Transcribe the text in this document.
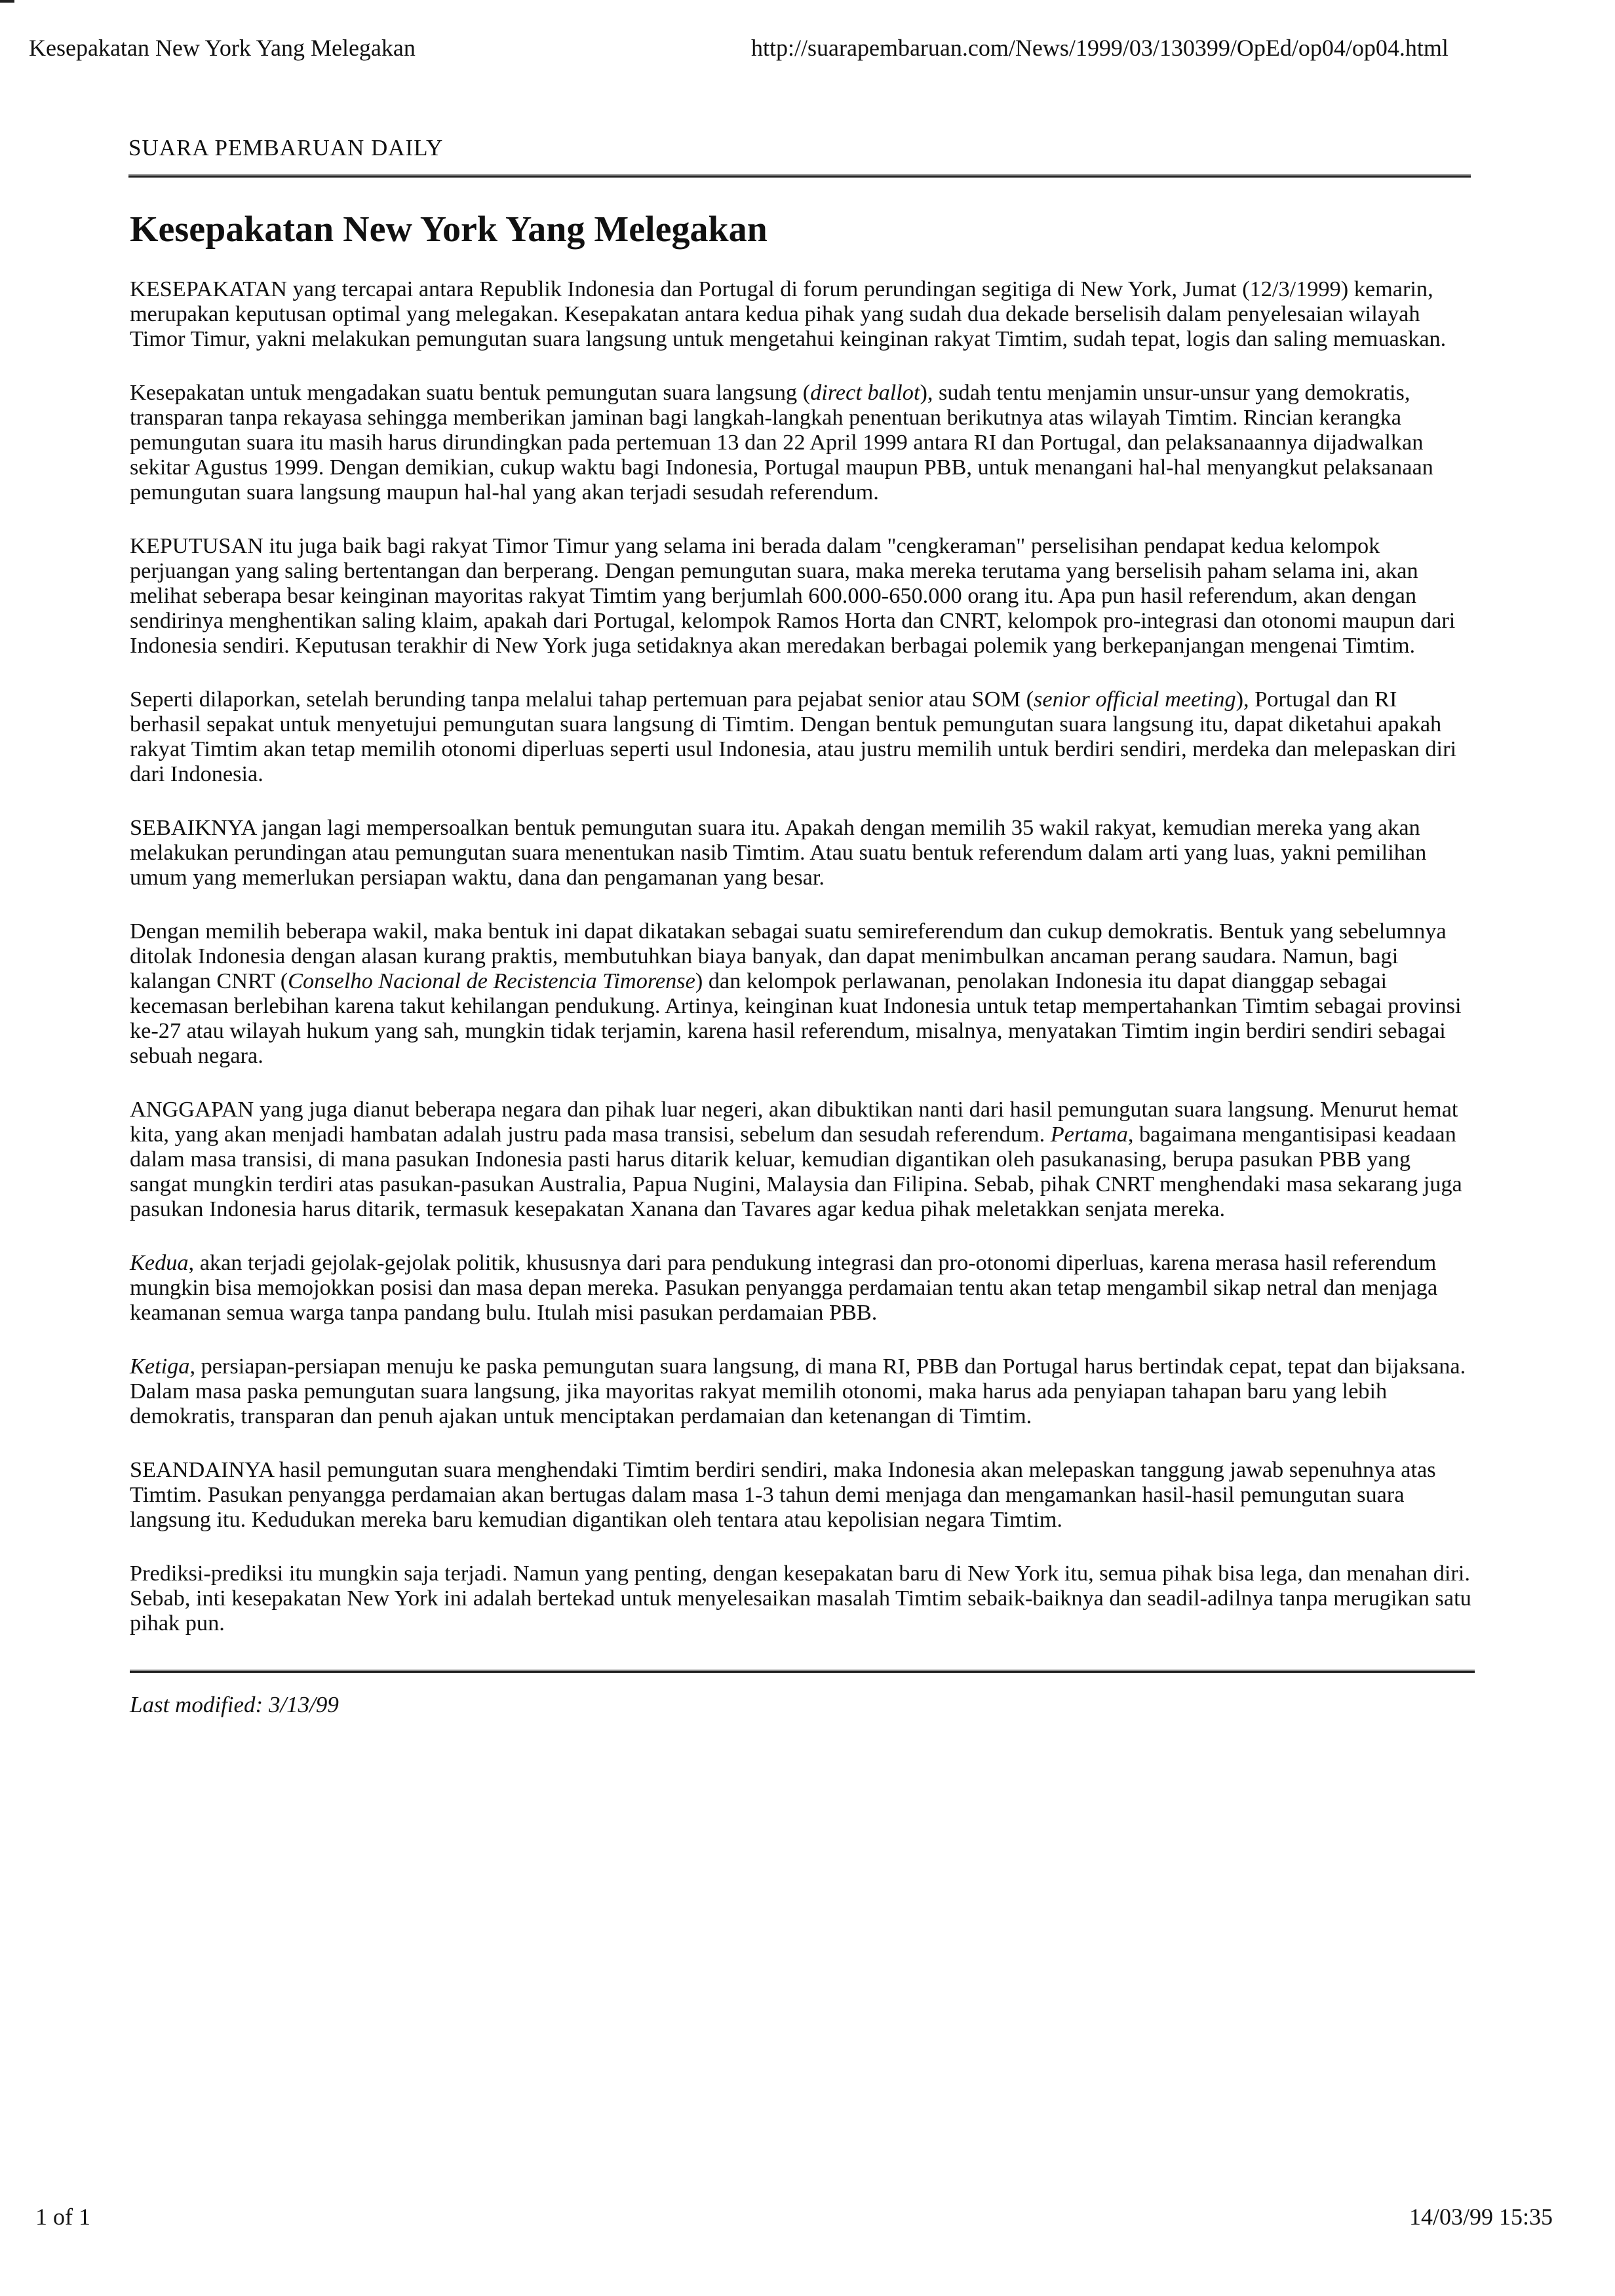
Kesepakatan New York Yang Melegakan	http://suarapembaruan.com/News/1999/03/130399/OpEd/op04/op04.html
SUARA PEMBARUAN DAILY
Kesepakatan New York Yang Melegakan

KESEPAKATAN yang tercapai antara Republik Indonesia dan Portugal di forum perundingan segitiga di New York, Jumat (12/3/1999) kemarin, merupakan keputusan optimal yang melegakan. Kesepakatan antara kedua pihak yang sudah dua dekade berselisih dalam penyelesaian wilayah Timor Timur, yakni melakukan pemungutan suara langsung untuk mengetahui keinginan rakyat Timtim, sudah tepat, logis dan saling memuaskan.

Kesepakatan untuk mengadakan suatu bentuk pemungutan suara langsung (direct ballot), sudah tentu menjamin unsur-unsur yang demokratis, transparan tanpa rekayasa sehingga memberikan jaminan bagi langkah-langkah penentuan berikutnya atas wilayah Timtim. Rincian kerangka pemungutan suara itu masih harus dirundingkan pada pertemuan 13 dan 22 April 1999 antara RI dan Portugal, dan pelaksanaannya dijadwalkan sekitar Agustus 1999. Dengan demikian, cukup waktu bagi Indonesia, Portugal maupun PBB, untuk menangani hal-hal menyangkut pelaksanaan pemungutan suara langsung maupun hal-hal yang akan terjadi sesudah referendum.

KEPUTUSAN itu juga baik bagi rakyat Timor Timur yang selama ini berada dalam "cengkeraman" perselisihan pendapat kedua kelompok perjuangan yang saling bertentangan dan berperang. Dengan pemungutan suara, maka mereka terutama yang berselisih paham selama ini, akan melihat seberapa besar keinginan mayoritas rakyat Timtim yang berjumlah 600.000-650.000 orang itu. Apa pun hasil referendum, akan dengan sendirinya menghentikan saling klaim, apakah dari Portugal, kelompok Ramos Horta dan CNRT, kelompok pro-integrasi dan otonomi maupun dari Indonesia sendiri. Keputusan terakhir di New York juga setidaknya akan meredakan berbagai polemik yang berkepanjangan mengenai Timtim.

Seperti dilaporkan, setelah berunding tanpa melalui tahap pertemuan para pejabat senior atau SOM (senior official meeting), Portugal dan RI berhasil sepakat untuk menyetujui pemungutan suara langsung di Timtim. Dengan bentuk pemungutan suara langsung itu, dapat diketahui apakah rakyat Timtim akan tetap memilih otonomi diperluas seperti usul Indonesia, atau justru memilih untuk berdiri sendiri, merdeka dan melepaskan diri dari Indonesia.

SEBAIKNYA jangan lagi mempersoalkan bentuk pemungutan suara itu. Apakah dengan memilih 35 wakil rakyat, kemudian mereka yang akan melakukan perundingan atau pemungutan suara menentukan nasib Timtim. Atau suatu bentuk referendum dalam arti yang luas, yakni pemilihan umum yang memerlukan persiapan waktu, dana dan pengamanan yang besar.

Dengan memilih beberapa wakil, maka bentuk ini dapat dikatakan sebagai suatu semireferendum dan cukup demokratis. Bentuk yang sebelumnya ditolak Indonesia dengan alasan kurang praktis, membutuhkan biaya banyak, dan dapat menimbulkan ancaman perang saudara. Namun, bagi kalangan CNRT (Conselho Nacional de Recistencia Timorense) dan kelompok perlawanan, penolakan Indonesia itu dapat dianggap sebagai kecemasan berlebihan karena takut kehilangan pendukung. Artinya, keinginan kuat Indonesia untuk tetap mempertahankan Timtim sebagai provinsi ke-27 atau wilayah hukum yang sah, mungkin tidak terjamin, karena hasil referendum, misalnya, menyatakan Timtim ingin berdiri sendiri sebagai sebuah negara.

ANGGAPAN yang juga dianut beberapa negara dan pihak luar negeri, akan dibuktikan nanti dari hasil pemungutan suara langsung. Menurut hemat kita, yang akan menjadi hambatan adalah justru pada masa transisi, sebelum dan sesudah referendum. Pertama, bagaimana mengantisipasi keadaan dalam masa transisi, di mana pasukan Indonesia pasti harus ditarik keluar, kemudian digantikan oleh pasukanasing, berupa pasukan PBB yang sangat mungkin terdiri atas pasukan-pasukan Australia, Papua Nugini, Malaysia dan Filipina. Sebab, pihak CNRT menghendaki masa sekarang juga pasukan Indonesia harus ditarik, termasuk kesepakatan Xanana dan Tavares agar kedua pihak meletakkan senjata mereka.

Kedua, akan terjadi gejolak-gejolak politik, khususnya dari para pendukung integrasi dan pro-otonomi diperluas, karena merasa hasil referendum mungkin bisa memojokkan posisi dan masa depan mereka. Pasukan penyangga perdamaian tentu akan tetap mengambil sikap netral dan menjaga keamanan semua warga tanpa pandang bulu. Itulah misi pasukan perdamaian PBB.

Ketiga, persiapan-persiapan menuju ke paska pemungutan suara langsung, di mana RI, PBB dan Portugal harus bertindak cepat, tepat dan bijaksana. Dalam masa paska pemungutan suara langsung, jika mayoritas rakyat memilih otonomi, maka harus ada penyiapan tahapan baru yang lebih demokratis, transparan dan penuh ajakan untuk menciptakan perdamaian dan ketenangan di Timtim.

SEANDAINYA hasil pemungutan suara menghendaki Timtim berdiri sendiri, maka Indonesia akan melepaskan tanggung jawab sepenuhnya atas Timtim. Pasukan penyangga perdamaian akan bertugas dalam masa 1-3 tahun demi menjaga dan mengamankan hasil-hasil pemungutan suara langsung itu. Kedudukan mereka baru kemudian digantikan oleh tentara atau kepolisian negara Timtim.

Prediksi-prediksi itu mungkin saja terjadi. Namun yang penting, dengan kesepakatan baru di New York itu, semua pihak bisa lega, dan menahan diri. Sebab, inti kesepakatan New York ini adalah bertekad untuk menyelesaikan masalah Timtim sebaik-baiknya dan seadil-adilnya tanpa merugikan satu pihak pun.

Last modified: 3/13/99

1 of 1	14/03/99 15:35
